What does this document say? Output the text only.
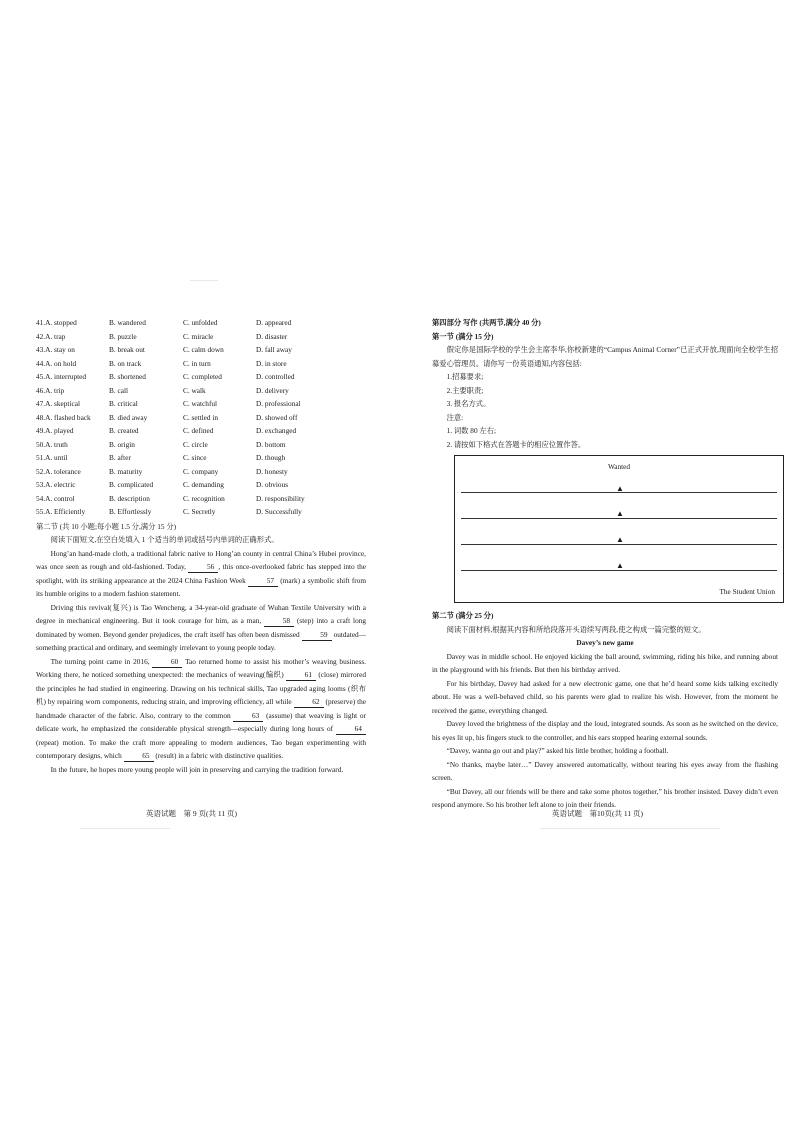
41.A. stopped	B. wandered	C. unfolded	D. appeared
42.A. trap	B. puzzle	C. miracle	D. disaster
43.A. stay on	B. break out	C. calm down	D. fall away
44.A. on hold	B. on track	C. in turn	D. in store
45.A. interrupted	B. shortened	C. completed	D. controlled
46.A. trip	B. call	C. walk	D. delivery
47.A. skeptical	B. critical	C. watchful	D. professional
48.A. flashed back	B. died away	C. settled in	D. showed off
49.A. played	B. created	C. defined	D. exchanged
50.A. truth	B. origin	C. circle	D. bottom
51.A. until	B. after	C. since	D. though
52.A. tolerance	B. maturity	C. company	D. honesty
53.A. electric	B. complicated	C. demanding	D. obvious
54.A. control	B. description	C. recognition	D. responsibility
55.A. Efficiently	B. Effortlessly	C. Secretly	D. Successfully
第二节 (共 10 小题;每小题 1.5 分,满分 15 分)
阅读下面短文,在空白处填入 1 个适当的单词或括号内单词的正确形式。

Hong’an hand-made cloth, a traditional fabric native to Hong’an county in central China’s Hubei province, was once seen as rough and old-fashioned. Today,	56 , this once-overlooked fabric has stepped into the spotlight, with its striking appearance at the 2024 China Fashion Week	57 (mark) a symbolic shift from its humble origins to a modern fashion statement.

Driving this revival(复兴) is Tao Wencheng, a 34-year-old graduate of Wuhan Textile University with a degree in mechanical engineering. But it took courage for him, as a man,	58 (step) into a craft long dominated by women. Beyond gender prejudices, the craft itself has often been dismissed	59 outdated—something practical and ordinary, and seemingly irrelevant to young people today.

The turning point came in 2016,	60 Tao returned home to assist his mother’s weaving business. Working there, he noticed something unexpected: the mechanics of weaving(编织)	61 (close) mirrored the principles he had studied in engineering. Drawing on his technical skills, Tao upgraded aging looms (织布机) by repairing worn components, reducing strain, and improving efficiency, all while	62 (preserve) the handmade character of the fabric. Also, contrary to the common	63 (assume) that weaving is light or delicate work, he emphasized the considerable physical strength—especially during long hours of	64 (repeat) motion. To make the craft more appealing to modern audiences, Tao began experimenting with contemporary designs, which	65 (result) in a fabric with distinctive qualities.

In the future, he hopes more young people will join in preserving and carrying the tradition forward.

英语试题　第 9 页(共 11 页)
第四部分 写作 (共两节,满分 40 分)
第一节 (满分 15 分)

假定你是国际学校的学生会主席李华,你校新建的“Campus Animal Corner”已正式开放,现面向全校学生招募爱心管理员。请你写一份英语通知,内容包括:

1.招募要求;
2.主要职责;
3. 报名方式。
注意:
1. 词数 80 左右;
2. 请按如下格式在答题卡的相应位置作答。
Wanted
▲
▲
▲
▲
The Student Union
第二节 (满分 25 分)
阅读下面材料,根据其内容和所给段落开头语续写两段,使之构成一篇完整的短文。
Davey’s new game

Davey was in middle school. He enjoyed kicking the ball around, swimming, riding his bike, and running about in the playground with his friends. But then his birthday arrived.

For his birthday, Davey had asked for a new electronic game, one that he’d heard some kids talking excitedly about. He was a well-behaved child, so his parents were glad to realize his wish. However, from the moment he received the game, everything changed.

Davey loved the brightness of the display and the loud, integrated sounds. As soon as he switched on the device, his eyes lit up, his fingers stuck to the controller, and his ears stopped hearing external sounds.

“Davey, wanna go out and play?” asked his little brother, holding a football.

“No thanks, maybe later…” Davey answered automatically, without tearing his eyes away from the flashing screen.

“But Davey, all our friends will be there and take some photos together,” his brother insisted. Davey didn’t even respond anymore. So his brother left alone to join their friends.

英语试题　第10页(共 11 页)
